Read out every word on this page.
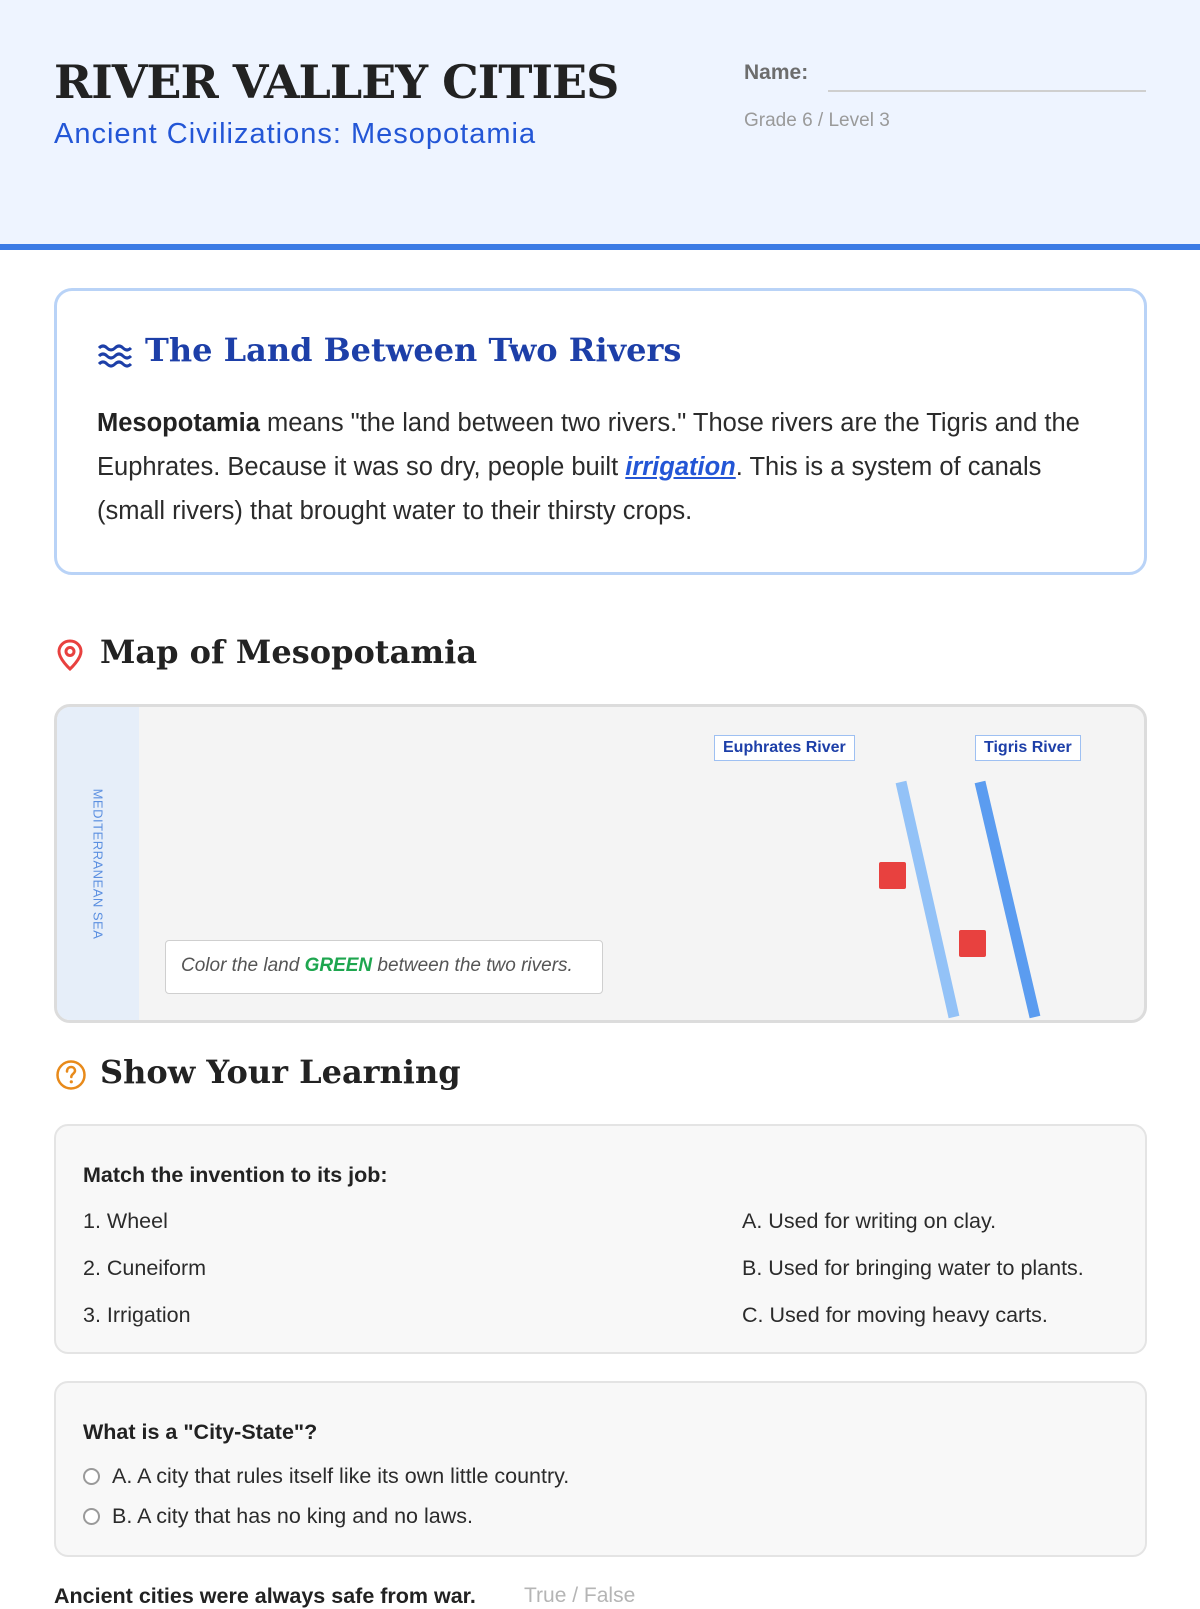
RIVER VALLEY CITIES
Ancient Civilizations: Mesopotamia
Name:
Grade 6 / Level 3
The Land Between Two Rivers

Mesopotamia means "the land between two rivers." Those rivers are the Tigris and the Euphrates. Because it was so dry, people built irrigation. This is a system of canals (small rivers) that brought water to their thirsty crops.

Map of Mesopotamia
MEDITERRANEAN SEA
Euphrates River	Tigris River
Color the land GREEN between the two rivers.
Show Your Learning
Match the invention to its job:
1. Wheel
2. Cuneiform
3. Irrigation
A. Used for writing on clay.
B. Used for bringing water to plants.
C. Used for moving heavy carts.
What is a "City-State"?
A. A city that rules itself like its own little country.
B. A city that has no king and no laws.
Ancient cities were always safe from war. True / False
